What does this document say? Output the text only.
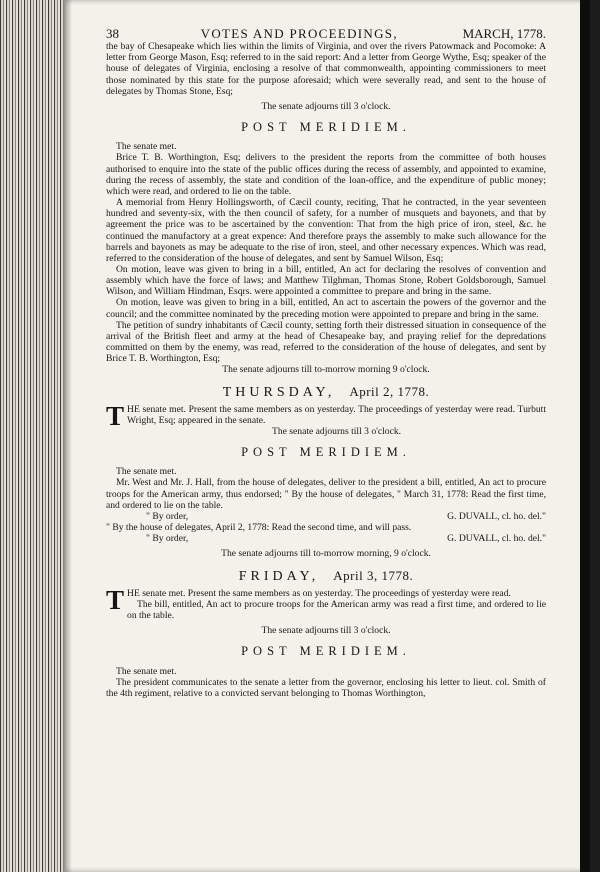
38	VOTES AND PROCEEDINGS,	MARCH, 1778.

the bay of Chesapeake which lies within the limits of Virginia, and over the rivers Patowmack and Pocomoke: A letter from George Mason, Esq; referred to in the said report: And a letter from George Wythe, Esq; speaker of the house of delegates of Virginia, enclosing a resolve of that commonwealth, appointing commissioners to meet those nominated by this state for the purpose aforesaid; which were severally read, and sent to the house of delegates by Thomas Stone, Esq;

The senate adjourns till 3 o'clock.

POST MERIDIEM.

The senate met.

Brice T. B. Worthington, Esq; delivers to the president the reports from the committee of both houses authorised to enquire into the state of the public offices during the recess of assembly, and appointed to examine, during the recess of assembly, the state and condition of the loan-office, and the expenditure of public money; which were read, and ordered to lie on the table.

A memorial from Henry Hollingsworth, of Cæcil county, reciting, That he contracted, in the year seventeen hundred and seventy-six, with the then council of safety, for a number of musquets and bayonets, and that by agreement the price was to be ascertained by the convention: That from the high price of iron, steel, &c. he continued the manufactory at a great expence: And therefore prays the assembly to make such allowance for the barrels and bayonets as may be adequate to the rise of iron, steel, and other necessary expences. Which was read, referred to the consideration of the house of delegates, and sent by Samuel Wilson, Esq;

On motion, leave was given to bring in a bill, entitled, An act for declaring the resolves of convention and assembly which have the force of laws; and Matthew Tilghman, Thomas Stone, Robert Goldsborough, Samuel Wilson, and William Hindman, Esqrs. were appointed a committee to prepare and bring in the same.

On motion, leave was given to bring in a bill, entitled, An act to ascertain the powers of the governor and the council; and the committee nominated by the preceding motion were appointed to prepare and bring in the same.

The petition of sundry inhabitants of Cæcil county, setting forth their distressed situation in consequence of the arrival of the British fleet and army at the head of Chesapeake bay, and praying relief for the depredations committed on them by the enemy, was read, referred to the consideration of the house of delegates, and sent by Brice T. B. Worthington, Esq;

The senate adjourns till to-morrow morning 9 o'clock.

THURSDAY, April 2, 1778.

THE senate met. Present the same members as on yesterday. The proceedings of yesterday were read. Turbutt Wright, Esq; appeared in the senate.

The senate adjourns till 3 o'clock.

POST MERIDIEM.

The senate met.

Mr. West and Mr. J. Hall, from the house of delegates, deliver to the president a bill, entitled, An act to procure troops for the American army, thus endorsed; " By the house of delegates, " March 31, 1778: Read the first time, and ordered to lie on the table.

" By order,	G. DUVALL, cl. ho. del."

" By the house of delegates, April 2, 1778: Read the second time, and will pass.

" By order,	G. DUVALL, cl. ho. del."

The senate adjourns till to-morrow morning, 9 o'clock.

FRIDAY, April 3, 1778.

THE senate met. Present the same members as on yesterday. The proceedings of yesterday were read.

The bill, entitled, An act to procure troops for the American army was read a first time, and ordered to lie on the table.

The senate adjourns till 3 o'clock.

POST MERIDIEM.

The senate met.

The president communicates to the senate a letter from the governor, enclosing his letter to lieut. col. Smith of the 4th regiment, relative to a convicted servant belonging to Thomas Worthington,
